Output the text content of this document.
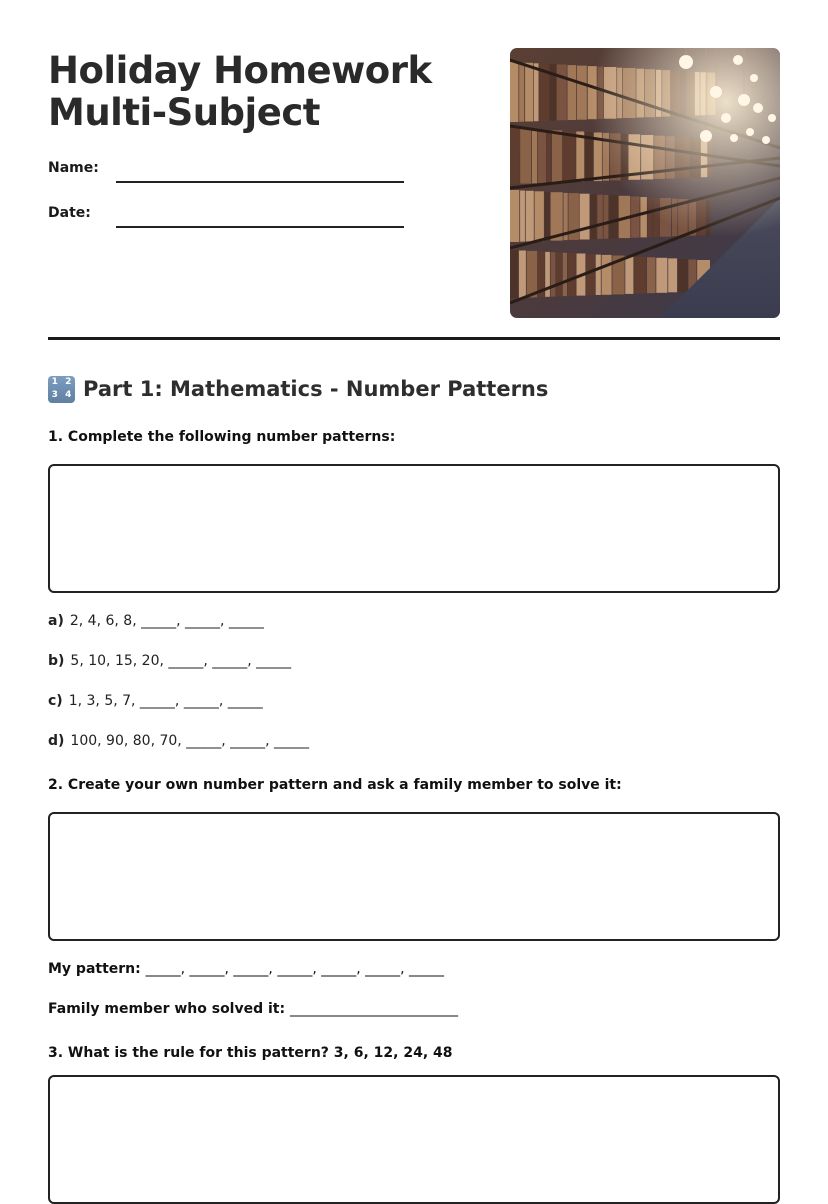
Holiday Homework
Multi-Subject
Name:
Date:
1 2
3 4 Part 1: Mathematics - Number Patterns
1. Complete the following number patterns:
a) 2, 4, 6, 8, _____, _____, _____
b) 5, 10, 15, 20, _____, _____, _____
c) 1, 3, 5, 7, _____, _____, _____
d) 100, 90, 80, 70, _____, _____, _____
2. Create your own number pattern and ask a family member to solve it:
My pattern: _____, _____, _____, _____, _____, _____, _____
Family member who solved it: ________________________
3. What is the rule for this pattern? 3, 6, 12, 24, 48
